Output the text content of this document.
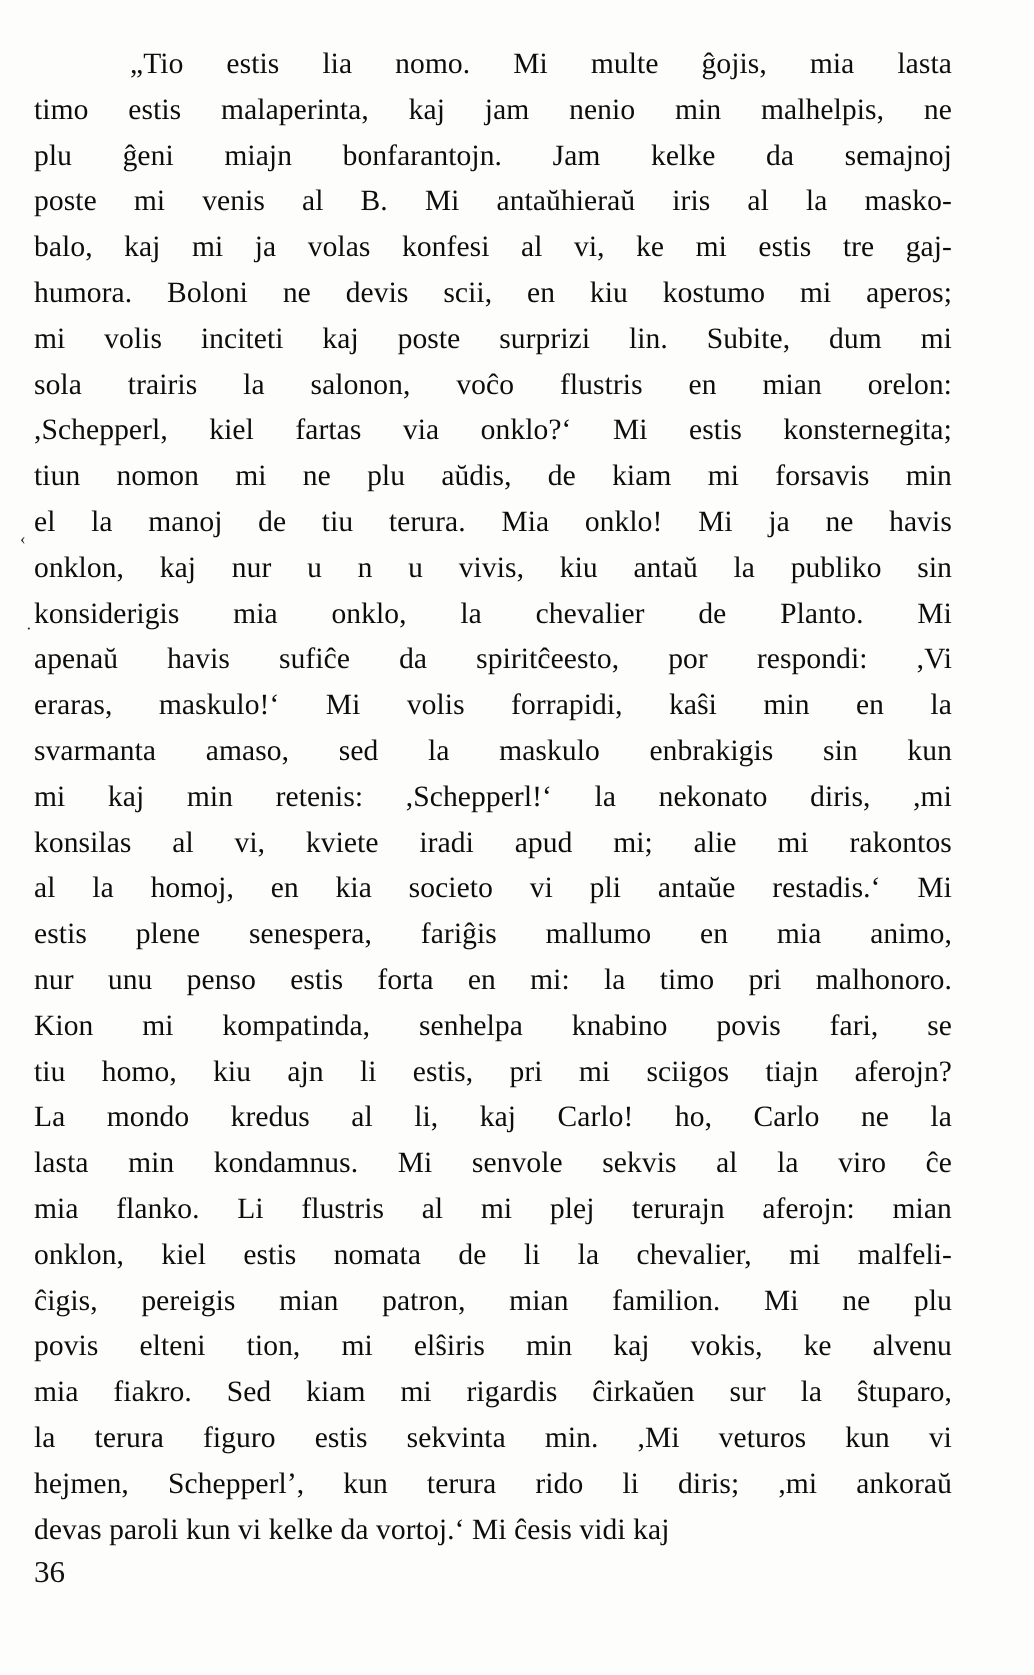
‹
·
„Tio estis lia nomo. Mi multe ĝojis, mia lasta
timo estis malaperinta, kaj jam nenio min malhelpis, ne
plu ĝeni miajn bonfarantojn. Jam kelke da semajnoj
poste mi venis al B. Mi antaŭhieraŭ iris al la masko-
balo, kaj mi ja volas konfesi al vi, ke mi estis tre gaj-
humora. Boloni ne devis scii, en kiu kostumo mi aperos;
mi volis inciteti kaj poste surprizi lin. Subite, dum mi
sola trairis la salonon, voĉo flustris en mian orelon:
,Schepperl, kiel fartas via onklo?‘ Mi estis konsternegita;
tiun nomon mi ne plu aŭdis, de kiam mi forsavis min
el la manoj de tiu terura. Mia onklo! Mi ja ne havis
onklon, kaj nur u n u vivis, kiu antaŭ la publiko sin
konsiderigis mia onklo, la chevalier de Planto. Mi
apenaŭ havis sufiĉe da spiritĉeesto, por respondi: ,Vi
eraras, maskulo!‘ Mi volis forrapidi, kaŝi min en la
svarmanta amaso, sed la maskulo enbrakigis sin kun
mi kaj min retenis: ,Schepperl!‘ la nekonato diris, ,mi
konsilas al vi, kviete iradi apud mi; alie mi rakontos
al la homoj, en kia societo vi pli antaŭe restadis.‘ Mi
estis plene senespera, fariĝis mallumo en mia animo,
nur unu penso estis forta en mi: la timo pri malhonoro.
Kion mi kompatinda, senhelpa knabino povis fari, se
tiu homo, kiu ajn li estis, pri mi sciigos tiajn aferojn?
La mondo kredus al li, kaj Carlo! ho, Carlo ne la
lasta min kondamnus. Mi senvole sekvis al la viro ĉe
mia flanko. Li flustris al mi plej terurajn aferojn: mian
onklon, kiel estis nomata de li la chevalier, mi malfeli-
ĉigis, pereigis mian patron, mian familion. Mi ne plu
povis elteni tion, mi elŝiris min kaj vokis, ke alvenu
mia fiakro. Sed kiam mi rigardis ĉirkaŭen sur la ŝtuparo,
la terura figuro estis sekvinta min. ,Mi veturos kun vi
hejmen, Schepperl’, kun terura rido li diris; ,mi ankoraŭ
devas paroli kun vi kelke da vortoj.‘ Mi ĉesis vidi kaj
36
